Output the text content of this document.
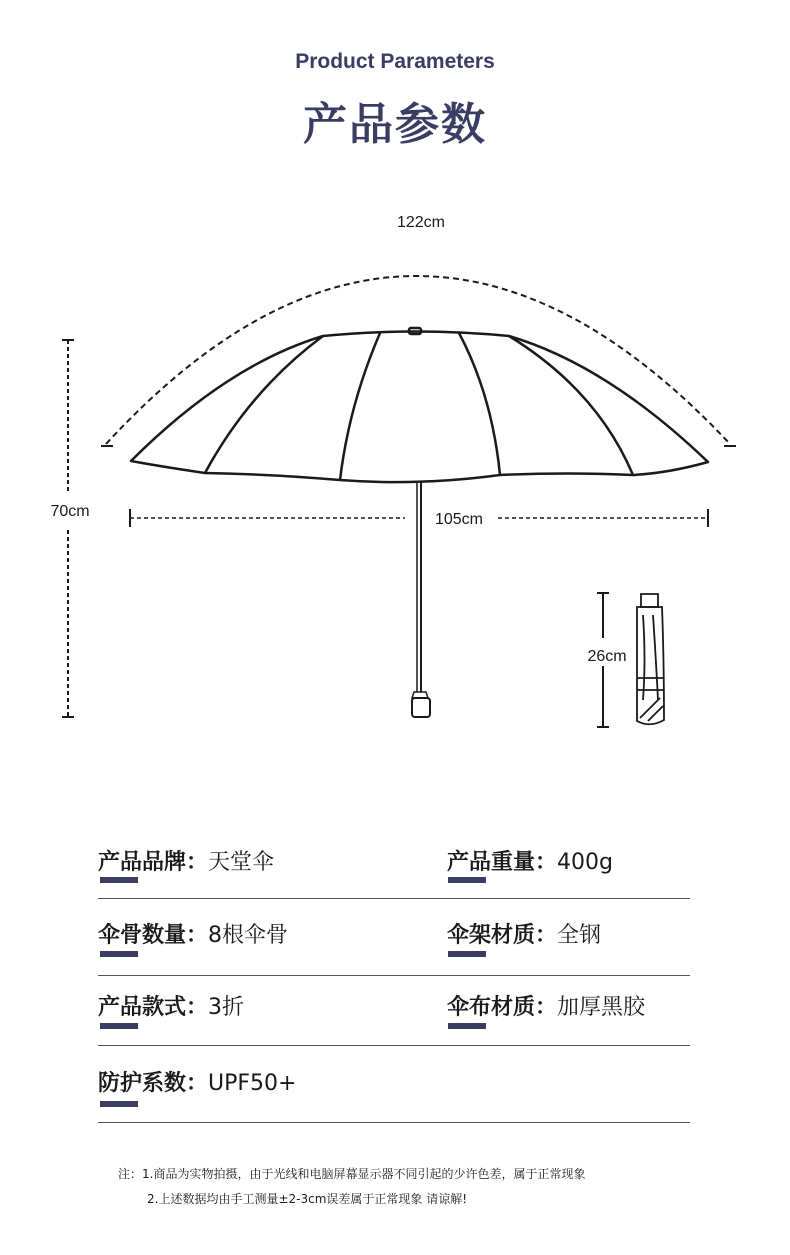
Product Parameters
产品参数
122cm
70cm	105cm
26cm
产品品牌：天堂伞	产品重量：400g
伞骨数量：8根伞骨	伞架材质：全钢
产品款式：3折	伞布材质：加厚黑胶
防护系数：UPF50+
注：1.商品为实物拍摄，由于光线和电脑屏幕显示器不同引起的少许色差，属于正常现象
2.上述数据均由手工测量±2-3cm误差属于正常现象 请谅解!
